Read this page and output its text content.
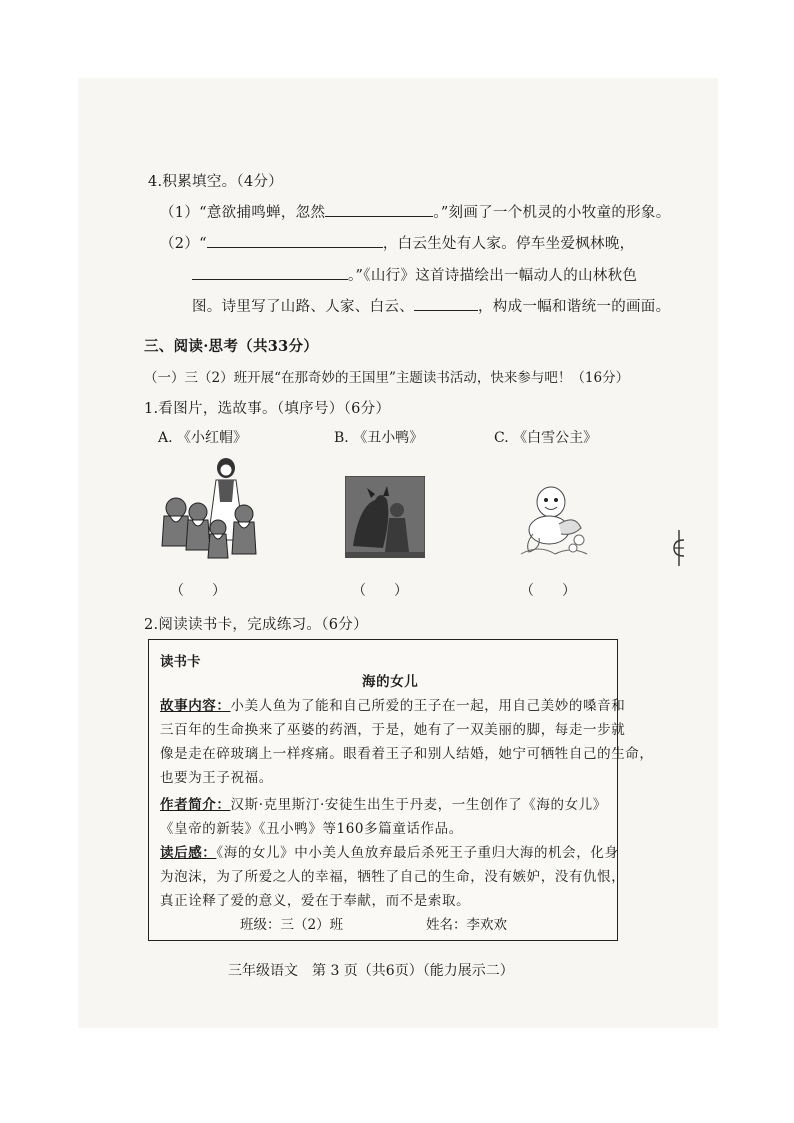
4.积累填空。（4分）
（1）“意欲捕鸣蝉，忽然	。”刻画了一个机灵的小牧童的形象。
（2）“	，白云生处有人家。停车坐爱枫林晚，
。”《山行》这首诗描绘出一幅动人的山林秋色
图。诗里写了山路、人家、白云、	，构成一幅和谐统一的画面。
三、阅读·思考（共33分）
（一）三（2）班开展“在那奇妙的王国里”主题读书活动，快来参与吧！（16分）
1.看图片，选故事。（填序号）（6分）
A. 《小红帽》	B. 《丑小鸭》	C. 《白雪公主》
（　　）	（　　）	（　　）
2.阅读读书卡，完成练习。（6分）
读书卡
海的女儿
故事内容：小美人鱼为了能和自己所爱的王子在一起，用自己美妙的嗓音和
三百年的生命换来了巫婆的药酒，于是，她有了一双美丽的脚，每走一步就
像是走在碎玻璃上一样疼痛。眼看着王子和别人结婚，她宁可牺牲自己的生命，
也要为王子祝福。
作者简介：汉斯·克里斯汀·安徒生出生于丹麦，一生创作了《海的女儿》
《皇帝的新装》《丑小鸭》等160多篇童话作品。
读后感：《海的女儿》中小美人鱼放弃最后杀死王子重归大海的机会，化身
为泡沫，为了所爱之人的幸福，牺牲了自己的生命，没有嫉妒，没有仇恨，
真正诠释了爱的意义，爱在于奉献，而不是索取。
班级：三（2）班	姓名：李欢欢
三年级语文　第 3 页（共6页）（能力展示二）
